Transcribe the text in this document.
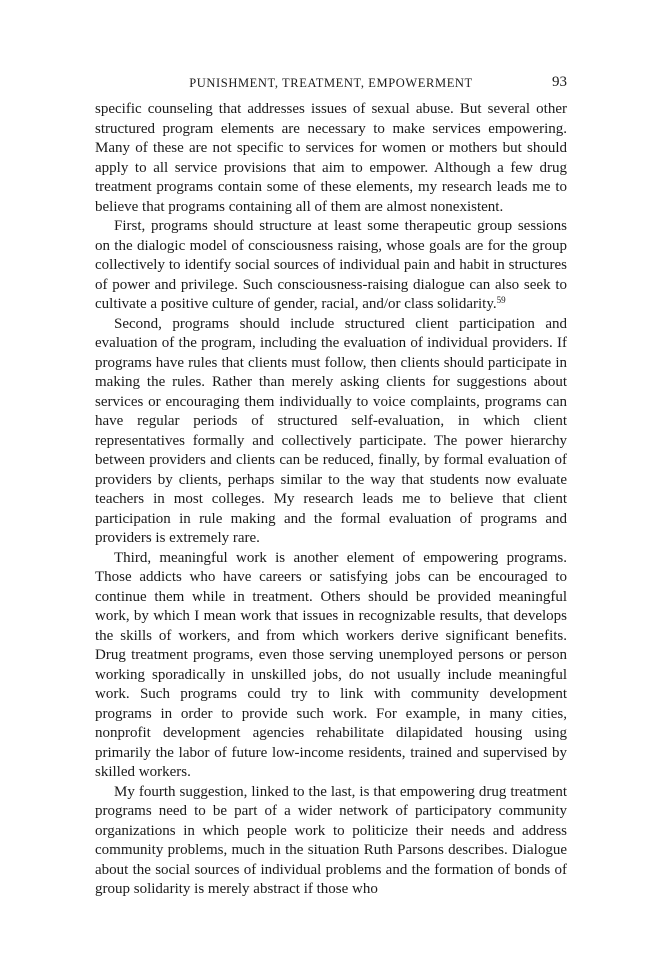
PUNISHMENT, TREATMENT, EMPOWERMENT	93

specific counseling that addresses issues of sexual abuse. But several other structured program elements are necessary to make services empowering. Many of these are not specific to services for women or mothers but should apply to all service provisions that aim to empower. Although a few drug treatment programs contain some of these elements, my research leads me to believe that programs containing all of them are almost nonexistent.

First, programs should structure at least some therapeutic group sessions on the dialogic model of consciousness raising, whose goals are for the group collectively to identify social sources of individual pain and habit in structures of power and privilege. Such consciousness-raising dialogue can also seek to cultivate a positive culture of gender, racial, and/or class solidarity.$^{59}$

Second, programs should include structured client participation and evaluation of the program, including the evaluation of individual providers. If programs have rules that clients must follow, then clients should participate in making the rules. Rather than merely asking clients for suggestions about services or encouraging them individually to voice complaints, programs can have regular periods of structured self-evaluation, in which client representatives formally and collectively participate. The power hierarchy between providers and clients can be reduced, finally, by formal evaluation of providers by clients, perhaps similar to the way that students now evaluate teachers in most colleges. My research leads me to believe that client participation in rule making and the formal evaluation of programs and providers is extremely rare.

Third, meaningful work is another element of empowering programs. Those addicts who have careers or satisfying jobs can be encouraged to continue them while in treatment. Others should be provided meaningful work, by which I mean work that issues in recognizable results, that develops the skills of workers, and from which workers derive significant benefits. Drug treatment programs, even those serving unemployed persons or person working sporadically in unskilled jobs, do not usually include meaningful work. Such programs could try to link with community development programs in order to provide such work. For example, in many cities, nonprofit development agencies rehabilitate dilapidated housing using primarily the labor of future low-income residents, trained and supervised by skilled workers.

My fourth suggestion, linked to the last, is that empowering drug treatment programs need to be part of a wider network of participatory community organizations in which people work to politicize their needs and address community problems, much in the situation Ruth Parsons describes. Dialogue about the social sources of individual problems and the formation of bonds of group solidarity is merely abstract if those who
